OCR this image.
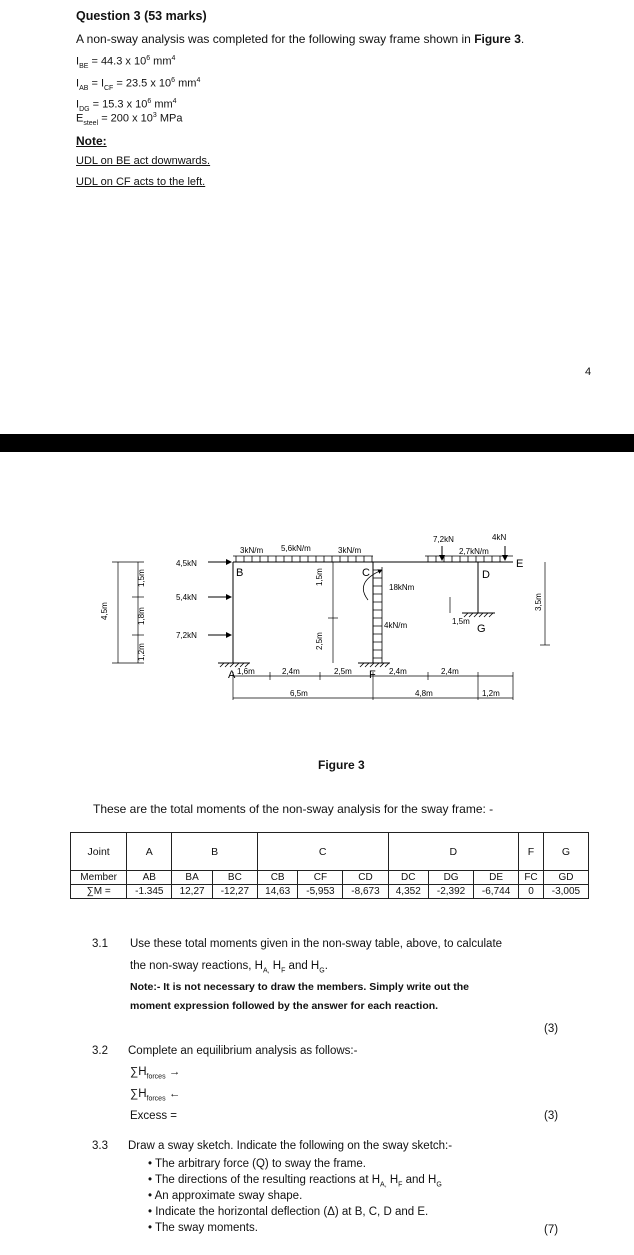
Question 3 (53 marks)
A non-sway analysis was completed for the following sway frame shown in Figure 3.
$I_{BE} = 44.3$ x $10^6$ $mm^4$
$I_{AB} = I_{CF} = 23.5$ x $10^6$ $mm^4$
$I_{DG} = 15.3$ x $10^6$ $mm^4$
$E_{steel} = 200$ x $10^3$ MPa
Note:
UDL on BE act downwards.
UDL on CF acts to the left.
4
3kN/m 5,6kN/m	3kN/m
7,2kN	4kN
2,7kN/m
4,5kN
5,4kN
7,2kN
18kNm
4kN/m
B	C	D
E
A	F
G
4,5m
1,5m
1,8m
1,2m
1,5m
2,5m
1,5m
3,5m
1,6m	2,4m	2,5m	2,4m	2,4m
6,5m	4,8m	1,2m
Figure 3
These are the total moments of the non-sway analysis for the sway frame: -
Joint	A	B		C			D			F	G
Member	AB	BA	BC	CB	CF	CD	DC	DG	DE	FC	GD
∑M =	-1.345	12,27	-12,27	14,63	-5,953	-8,673	4,352	-2,392	-6,744	0	-3,005
3.1 Use these total moments given in the non-sway table, above, to calculate
the non-sway reactions, $H_{A,}$ $H_F$ and $H_G$.
Note:- It is not necessary to draw the members. Simply write out the
moment expression followed by the answer for each reaction.
(3)
3.2 Complete an equilibrium analysis as follows:-
$\sum H_{forces}$ →
$\sum H_{forces}$ ←
Excess =	(3)
3.3 Draw a sway sketch. Indicate the following on the sway sketch:-
• The arbitrary force (Q) to sway the frame.
• The directions of the resulting reactions at $H_{A,}$ $H_F$ and $H_G$
• An approximate sway shape.
• Indicate the horizontal deflection (Δ) at B, C, D and E.
• The sway moments.	(7)
